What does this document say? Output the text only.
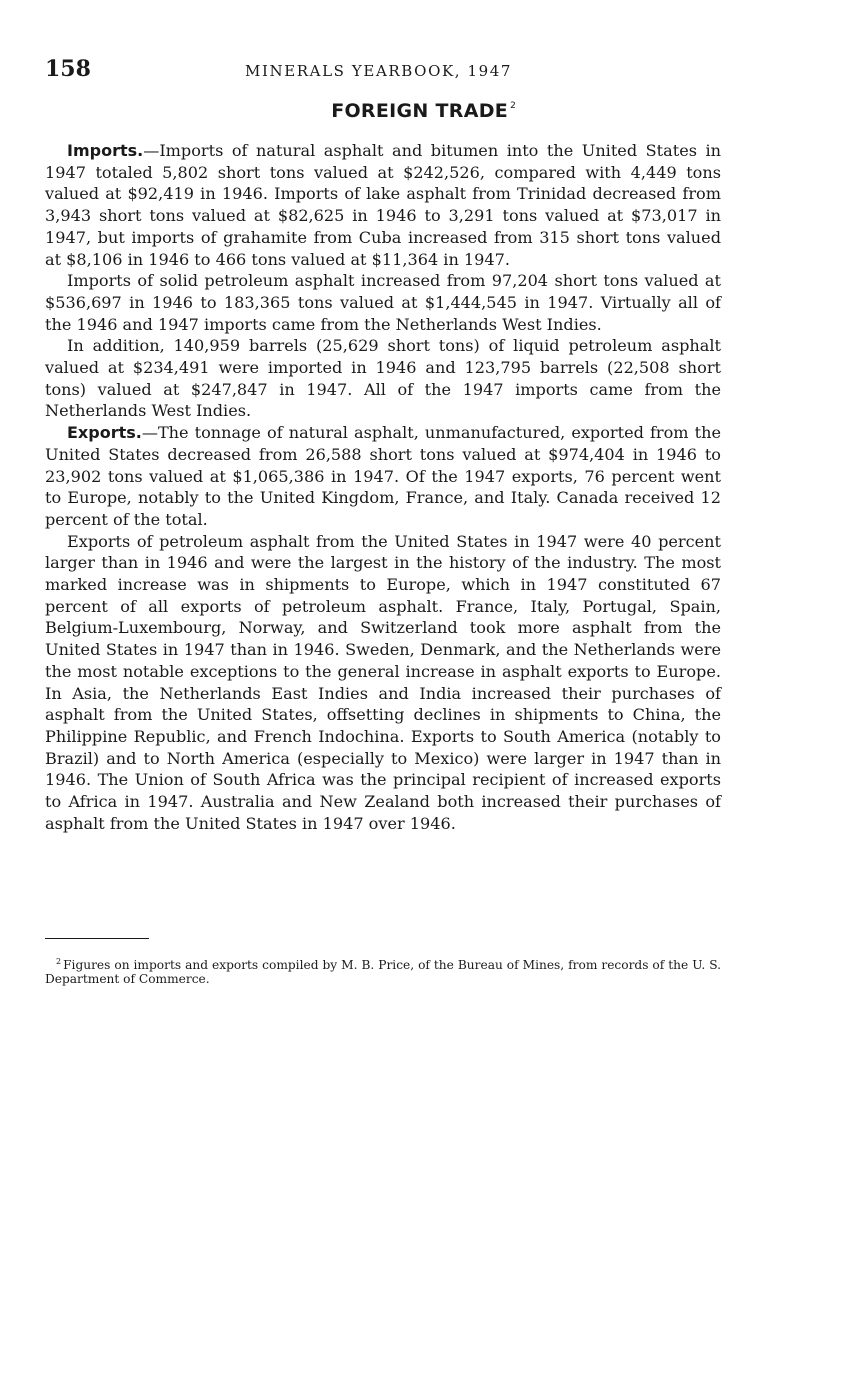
158	MINERALS YEARBOOK, 1947
FOREIGN TRADE $^2$

Imports.—Imports of natural asphalt and bitumen into the United States in 1947 totaled 5,802 short tons valued at $242,526, compared with 4,449 tons valued at $92,419 in 1946. Imports of lake asphalt from Trinidad decreased from 3,943 short tons valued at $82,625 in 1946 to 3,291 tons valued at $73,017 in 1947, but imports of grahamite from Cuba increased from 315 short tons valued at $8,106 in 1946 to 466 tons valued at $11,364 in 1947.

Imports of solid petroleum asphalt increased from 97,204 short tons valued at $536,697 in 1946 to 183,365 tons valued at $1,444,545 in 1947. Virtually all of the 1946 and 1947 imports came from the Netherlands West Indies.

In addition, 140,959 barrels (25,629 short tons) of liquid petroleum asphalt valued at $234,491 were imported in 1946 and 123,795 barrels (22,508 short tons) valued at $247,847 in 1947. All of the 1947 imports came from the Netherlands West Indies.

Exports.—The tonnage of natural asphalt, unmanufactured, exported from the United States decreased from 26,588 short tons valued at $974,404 in 1946 to 23,902 tons valued at $1,065,386 in 1947. Of the 1947 exports, 76 percent went to Europe, notably to the United Kingdom, France, and Italy. Canada received 12 percent of the total.

Exports of petroleum asphalt from the United States in 1947 were 40 percent larger than in 1946 and were the largest in the history of the industry. The most marked increase was in shipments to Europe, which in 1947 constituted 67 percent of all exports of petroleum asphalt. France, Italy, Portugal, Spain, Belgium-Luxembourg, Norway, and Switzerland took more asphalt from the United States in 1947 than in 1946. Sweden, Denmark, and the Netherlands were the most notable exceptions to the general increase in asphalt exports to Europe. In Asia, the Netherlands East Indies and India increased their purchases of asphalt from the United States, offsetting declines in shipments to China, the Philippine Republic, and French Indochina. Exports to South America (notably to Brazil) and to North America (especially to Mexico) were larger in 1947 than in 1946. The Union of South Africa was the principal recipient of increased exports to Africa in 1947. Australia and New Zealand both increased their purchases of asphalt from the United States in 1947 over 1946.

$^2$ Figures on imports and exports compiled by M. B. Price, of the Bureau of Mines, from records of the U. S. Department of Commerce.
